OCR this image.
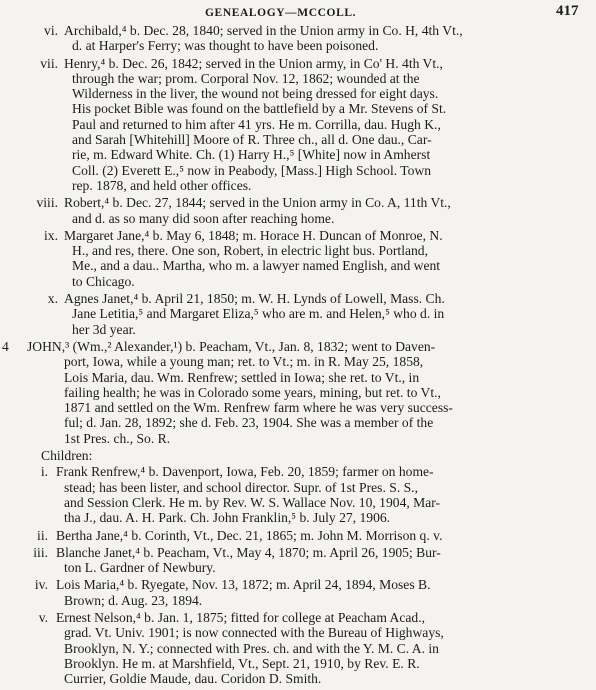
GENEALOGY—MCCOLL.	417
vi. Archibald,⁴ b. Dec. 28, 1840; served in the Union army in Co. H, 4th Vt.,
d. at Harper's Ferry; was thought to have been poisoned.
vii. Henry,⁴ b. Dec. 26, 1842; served in the Union army, in Co' H. 4th Vt.,
through the war; prom. Corporal Nov. 12, 1862; wounded at the
Wilderness in the liver, the wound not being dressed for eight days.
His pocket Bible was found on the battlefield by a Mr. Stevens of St.
Paul and returned to him after 41 yrs. He m. Corrilla, dau. Hugh K.,
and Sarah [Whitehill] Moore of R. Three ch., all d. One dau., Car-
rie, m. Edward White. Ch. (1) Harry H.,⁵ [White] now in Amherst
Coll. (2) Everett E.,⁵ now in Peabody, [Mass.] High School. Town
rep. 1878, and held other offices.
viii. Robert,⁴ b. Dec. 27, 1844; served in the Union army in Co. A, 11th Vt.,
and d. as so many did soon after reaching home.
ix. Margaret Jane,⁴ b. May 6, 1848; m. Horace H. Duncan of Monroe, N.
H., and res, there. One son, Robert, in electric light bus. Portland,
Me., and a dau.. Martha, who m. a lawyer named English, and went
to Chicago.
x. Agnes Janet,⁴ b. April 21, 1850; m. W. H. Lynds of Lowell, Mass. Ch.
Jane Letitia,⁵ and Margaret Eliza,⁵ who are m. and Helen,⁵ who d. in
her 3d year.
4 JOHN,³ (Wm.,² Alexander,¹) b. Peacham, Vt., Jan. 8, 1832; went to Daven-
port, Iowa, while a young man; ret. to Vt.; m. in R. May 25, 1858,
Lois Maria, dau. Wm. Renfrew; settled in Iowa; she ret. to Vt., in
failing health; he was in Colorado some years, mining, but ret. to Vt.,
1871 and settled on the Wm. Renfrew farm where he was very success-
ful; d. Jan. 28, 1892; she d. Feb. 23, 1904. She was a member of the
1st Pres. ch., So. R.
Children:
i. Frank Renfrew,⁴ b. Davenport, Iowa, Feb. 20, 1859; farmer on home-
stead; has been lister, and school director. Supr. of 1st Pres. S. S.,
and Session Clerk. He m. by Rev. W. S. Wallace Nov. 10, 1904, Mar-
tha J., dau. A. H. Park. Ch. John Franklin,⁵ b. July 27, 1906.
ii. Bertha Jane,⁴ b. Corinth, Vt., Dec. 21, 1865; m. John M. Morrison q. v.
iii. Blanche Janet,⁴ b. Peacham, Vt., May 4, 1870; m. April 26, 1905; Bur-
ton L. Gardner of Newbury.
iv. Lois Maria,⁴ b. Ryegate, Nov. 13, 1872; m. April 24, 1894, Moses B.
Brown; d. Aug. 23, 1894.
v. Ernest Nelson,⁴ b. Jan. 1, 1875; fitted for college at Peacham Acad.,
grad. Vt. Univ. 1901; is now connected with the Bureau of Highways,
Brooklyn, N. Y.; connected with Pres. ch. and with the Y. M. C. A. in
Brooklyn. He m. at Marshfield, Vt., Sept. 21, 1910, by Rev. E. R.
Currier, Goldie Maude, dau. Coridon D. Smith.
